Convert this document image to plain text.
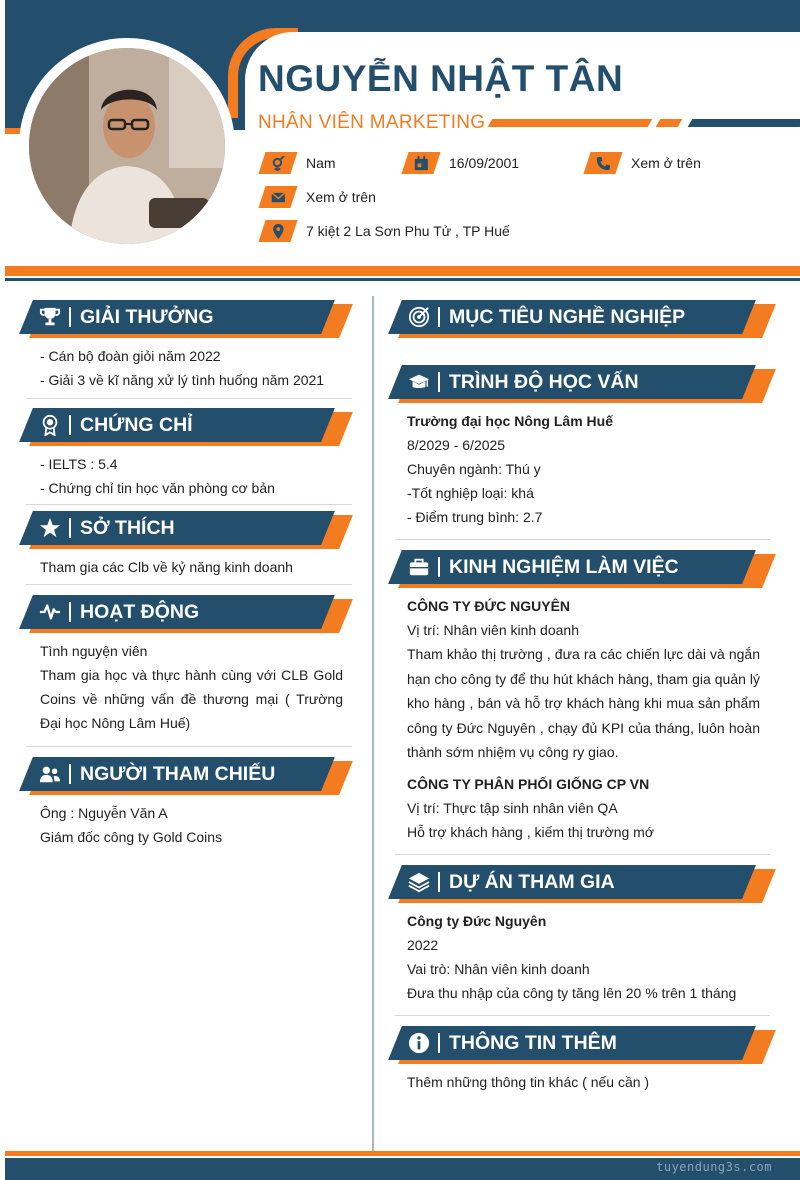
NGUYỄN NHẬT TÂN
NHÂN VIÊN MARKETING
Nam	16/09/2001	Xem ở trên
Xem ở trên
7 kiệt 2 La Sơn Phu Tử , TP Huế
GIẢI THƯỞNG
- Cán bộ đoàn giỏi năm 2022
- Giải 3 về kĩ năng xử lý tình huống năm 2021
CHỨNG CHỈ
- IELTS : 5.4
- Chứng chỉ tin học văn phòng cơ bản
SỞ THÍCH
Tham gia các Clb về kỷ năng kinh doanh
HOẠT ĐỘNG
Tình nguyện viên
Tham gia học và thực hành cùng với CLB Gold Coins về những vấn đề thương mại ( Trường Đại học Nông Lâm Huế)
NGƯỜI THAM CHIẾU
Ông : Nguyễn Văn A
Giám đốc công ty Gold Coins
MỤC TIÊU NGHỀ NGHIỆP
TRÌNH ĐỘ HỌC VẤN
Trường đại học Nông Lâm Huế
8/2029 - 6/2025
Chuyên ngành: Thú y
-Tốt nghiệp loại: khá
- Điểm trung bình: 2.7
KINH NGHIỆM LÀM VIỆC
CÔNG TY ĐỨC NGUYÊN
Vị trí: Nhân viên kinh doanh
Tham khảo thị trường , đưa ra các chiến lực dài và ngắn hạn cho công ty để thu hút khách hàng, tham gia quản lý kho hàng , bán và hỗ trợ khách hàng khi mua sản phẩm công ty Đức Nguyên , chạy đủ KPI của tháng, luôn hoàn thành sớm nhiệm vụ công ry giao.
CÔNG TY PHÂN PHỐI GIỐNG CP VN
Vị trí: Thực tập sinh nhân viên QA
Hỗ trợ khách hàng , kiếm thị trường mớ
DỰ ÁN THAM GIA
Công ty Đức Nguyên
2022
Vai trò: Nhân viên kinh doanh
Đưa thu nhập của công ty tăng lên 20 % trên 1 tháng
THÔNG TIN THÊM
Thêm những thông tin khác ( nếu cần )
tuyendung3s.com
